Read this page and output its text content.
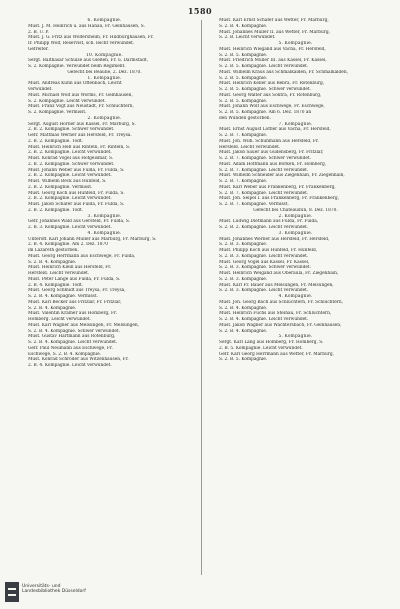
1580
6. Kompagnie.
Must. J. M. Heinrich u. aus Hanau, Fr. Gelnhausen, S.
2. B. U. P.
Must. J. G. Fritz aus Wölfersheim, Fr. Hildburghausen, Fr.
Ir. Philipp Wolf, Reservist, sch. leicht verwundet.
Gefreiter.
10. Kompagnie.
Sergt. Balthasar Schulze aus Gießen, Fr. u. Darmstadt,
S. 2. Kompagnie. Verwundet beim Regiment.
Gefecht bei Beaune, 2. Dez. 1870.
1. Kompagnie.
Must. Andreas Kuhn aus Offenbach, Leicht
verwundet.
Must. Michael Wolf aus Worms, Fr. Gelnhausen,
S. 2. Kompagnie. Leicht verwundet.
Must. Franz Vogt aus Neustadt, Fr. Schlüchtern,
S. 2. Kompagnie. Vermisst.
2. Kompagnie.
Sergt. August Hörner aus Kassel, Fr. Marburg, S.
2. B. 2. Kompagnie. Schwer verwundet.
Gefr. Matthias Werner aus Hersfeld, Fr. Treysa.
2. B. 2. Kompagnie. Todt.
Must. Heinrich Heß aus Rinteln, Fr. Rinteln, S.
2. B. 2. Kompagnie. Leicht verwundet.
Must. Konrad Vogel aus Hofgeismar, S.
2. B. 2. Kompagnie. Schwer verwundet.
Must. Johann Weber aus Fulda, Fr. Fulda, S.
2. B. 2. Kompagnie. Leicht verwundet.
Must. Wilhelm Beck aus Hünfeld, S.
2. B. 2. Kompagnie. Vermisst.
Must. Georg Koch aus Hünfeld, Fr. Fulda, S.
2. B. 2. Kompagnie. Leicht verwundet.
Must. Jakob Schäfer aus Fulda, Fr. Fulda, S.
2. B. 2. Kompagnie. Todt.
3. Kompagnie.
Gefr. Johannes Wald aus Gersfeld, Fr. Fulda, S.
2. B. 3. Kompagnie. Leicht verwundet.
4. Kompagnie.
Unteroff. Karl Johann Müller aus Marburg, Fr. Marburg, S.
2. B. 4. Kompagnie. Am 2. Dez. 1870
im Lazareth gestorben.
Must. Georg Herrmann aus Eschwege, Fr. Fulda,
S. 2. B. 4. Kompagnie.
Must. Heinrich Klein aus Hersfeld, Fr.
Hersfeld. Leicht verwundet.
Must. Peter Lange aus Fulda, Fr. Fulda, S.
2. B. 4. Kompagnie. Todt.
Must. Georg Schmidt aus Treysa, Fr. Treysa,
S. 2. B. 4. Kompagnie. Vermisst.
Must. Karl Becker aus Fritzlar, Fr. Fritzlar,
S. 2. B. 4. Kompagnie.
Must. Valentin Krämer aus Homberg, Fr.
Homberg. Leicht verwundet.
Must. Karl Wagner aus Melsungen, Fr. Melsungen,
S. 2. B. 4. Kompagnie. Schwer verwundet.
Must. Gustav Hartmann aus Rotenburg,
S. 2. B. 4. Kompagnie. Leicht verwundet.
Gefr. Paul Neumann aus Eschwege, Fr.
Eschwege, S. 2. B. 4. Kompagnie.
Must. Konrad Schröder aus Witzenhausen, Fr.
2. B. 4. Kompagnie. Leicht verwundet.
Must. Karl Ernst Schäfer aus Wetter, Fr. Marburg,
S. 2. B. 4. Kompagnie.
Must. Johannes Müller II. aus Wetter, Fr. Marburg,
S. 2. B. Leicht verwundet.
5. Kompagnie.
Must. Heinrich Wiegand aus Vacha, Fr. Hersfeld,
S. 2. B. 5. Kompagnie.
Must. Friedrich Müller III. aus Kassel, Fr. Kassel,
S. 2. B. 5. Kompagnie. Leicht verwundet.
Must. Wilhelm Kraus aus Schmalkalden, Fr. Schmalkalden,
S. 2. B. 5. Kompagnie.
Must. Heinrich Keller aus Bebra, Fr. Rotenburg,
S. 2. B. 5. Kompagnie. Schwer verwundet.
Must. Georg Walter aus Sontra, Fr. Rotenburg,
S. 2. B. 5. Kompagnie.
Must. Johann Wolf aus Eschwege, Fr. Eschwege,
S. 2. B. 5. Kompagnie. Am 6. Dez. 1870 an
den Wunden gestorben.
7. Kompagnie.
Must. Ernst August Löffler aus Vacha, Fr. Hersfeld,
S. 2. B. 7. Kompagnie.
Must. Joh. Wilh. Schuhmann aus Hersfeld, Fr.
Hersfeld. Leicht verwundet.
Must. Jakob Sauer aus Gudensberg, Fr. Fritzlar,
S. 2. B. 7. Kompagnie. Schwer verwundet.
Must. Adam Hoffmann aus Borken, Fr. Homberg,
S. 2. B. 7. Kompagnie. Leicht verwundet.
Must. Wilhelm Schneider aus Ziegenhain, Fr. Ziegenhain,
S. 2. B. 7. Kompagnie.
Must. Karl Weber aus Frankenberg, Fr. Frankenberg,
S. 2. B. 7. Kompagnie. Leicht verwundet.
Must. Joh. Seipel I. aus Frankenberg, Fr. Frankenberg,
S. 2. B. 7. Kompagnie. Vermisst.
Gefecht bei Chateaudun, 8. Dez. 1870.
2. Kompagnie.
Must. Ludwig Dietmann aus Fulda, Fr. Fulda,
S. 2. B. 2. Kompagnie. Leicht verwundet.
3. Kompagnie.
Must. Johannes Werner aus Hersfeld, Fr. Hersfeld,
S. 2. B. 3. Kompagnie.
Must. Philipp Koch aus Hünfeld, Fr. Hünfeld,
S. 2. B. 3. Kompagnie. Leicht verwundet.
Must. Georg Vogel aus Kassel, Fr. Kassel,
S. 2. B. 3. Kompagnie. Schwer verwundet.
Must. Heinrich Weigand aus Oberaula, Fr. Ziegenhain,
S. 2. B. 3. Kompagnie.
Must. Karl Fr. Bauer aus Melsungen, Fr. Melsungen,
S. 2. B. 3. Kompagnie. Leicht verwundet.
4. Kompagnie.
Must. Joh. Georg Bach aus Schlüchtern, Fr. Schlüchtern,
S. 2. B. 4. Kompagnie.
Must. Heinrich Fuchs aus Steinau, Fr. Schlüchtern,
S. 2. B. 4. Kompagnie. Leicht verwundet.
Must. Jakob Wagner aus Wächtersbach, Fr. Gelnhausen,
S. 2. B. 4. Kompagnie.
5. Kompagnie.
Sergt. Karl Lang aus Homberg, Fr. Homberg, S.
2. B. 5. Kompagnie. Leicht verwundet.
Gefr. Karl Georg Herrmann aus Wetter, Fr. Marburg,
S. 2. B. 5. Kompagnie.
Universitäts- und
Landesbibliothek Düsseldorf
